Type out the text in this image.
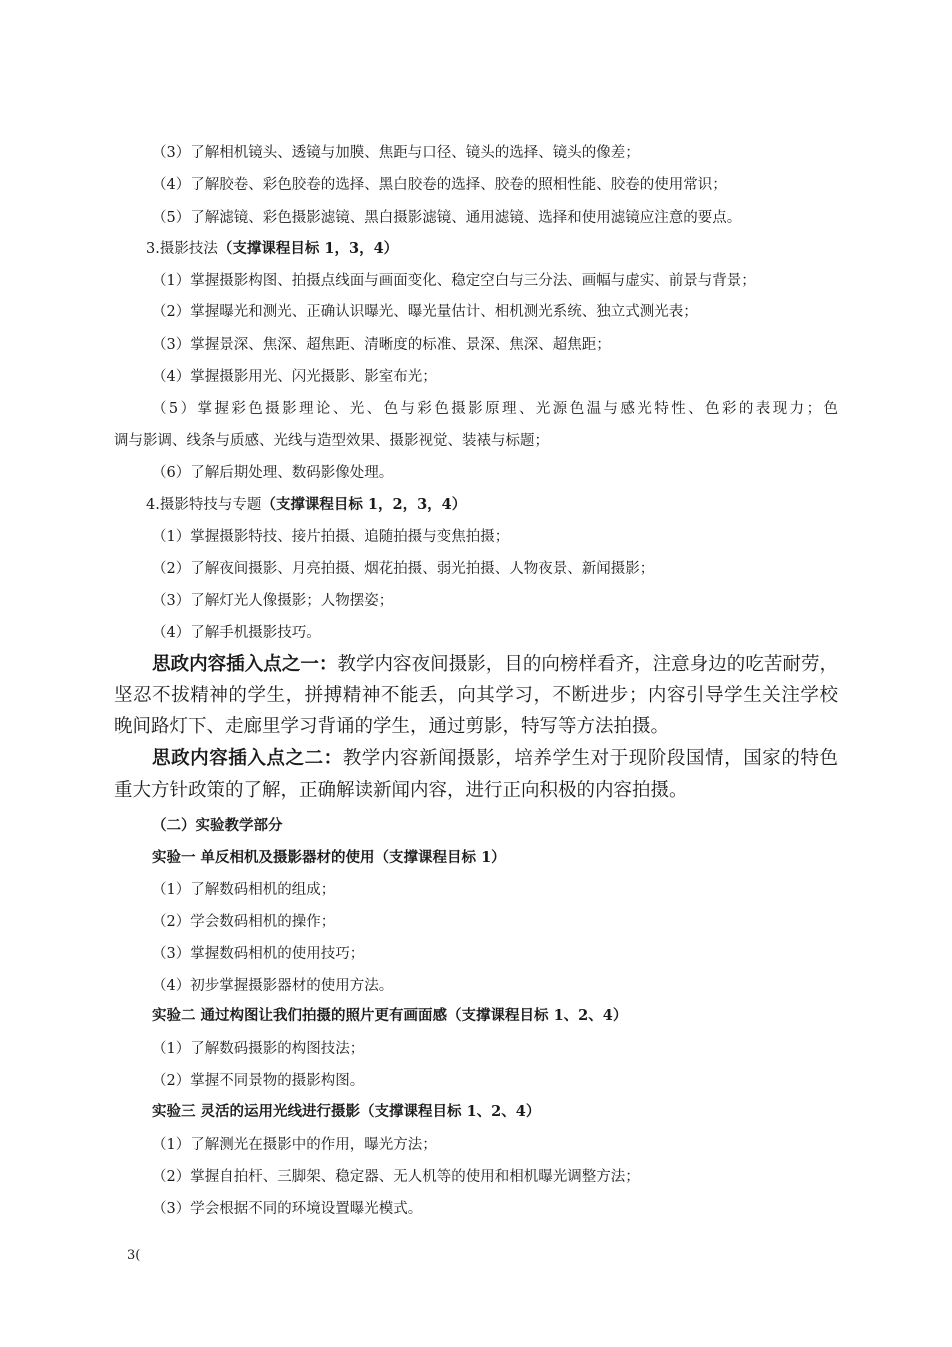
（3）了解相机镜头、透镜与加膜、焦距与口径、镜头的选择、镜头的像差；
（4）了解胶卷、彩色胶卷的选择、黑白胶卷的选择、胶卷的照相性能、胶卷的使用常识；
（5）了解滤镜、彩色摄影滤镜、黑白摄影滤镜、通用滤镜、选择和使用滤镜应注意的要点。
3.摄影技法（支撑课程目标 1，3，4）
（1）掌握摄影构图、拍摄点线面与画面变化、稳定空白与三分法、画幅与虚实、前景与背景；
（2）掌握曝光和测光、正确认识曝光、曝光量估计、相机测光系统、独立式测光表；
（3）掌握景深、焦深、超焦距、清晰度的标准、景深、焦深、超焦距；
（4）掌握摄影用光、闪光摄影、影室布光；
（5）掌握彩色摄影理论、光、色与彩色摄影原理、光源色温与感光特性、色彩的表现力；色
调与影调、线条与质感、光线与造型效果、摄影视觉、装裱与标题；
（6）了解后期处理、数码影像处理。
4.摄影特技与专题（支撑课程目标 1，2，3，4）
（1）掌握摄影特技、接片拍摄、追随拍摄与变焦拍摄；
（2）了解夜间摄影、月亮拍摄、烟花拍摄、弱光拍摄、人物夜景、新闻摄影；
（3）了解灯光人像摄影；人物摆姿；
（4）了解手机摄影技巧。
思政内容插入点之一：教学内容夜间摄影，目的向榜样看齐，注意身边的吃苦耐劳，
坚忍不拔精神的学生，拼搏精神不能丢，向其学习，不断进步；内容引导学生关注学校
晚间路灯下、走廊里学习背诵的学生，通过剪影，特写等方法拍摄。
思政内容插入点之二：教学内容新闻摄影，培养学生对于现阶段国情，国家的特色
重大方针政策的了解，正确解读新闻内容，进行正向积极的内容拍摄。
（二）实验教学部分
实验一 单反相机及摄影器材的使用（支撑课程目标 1）
（1）了解数码相机的组成；
（2）学会数码相机的操作；
（3）掌握数码相机的使用技巧；
（4）初步掌握摄影器材的使用方法。
实验二 通过构图让我们拍摄的照片更有画面感（支撑课程目标 1、2、4）
（1）了解数码摄影的构图技法；
（2）掌握不同景物的摄影构图。
实验三 灵活的运用光线进行摄影（支撑课程目标 1、2、4）
（1）了解测光在摄影中的作用，曝光方法；
（2）掌握自拍杆、三脚架、稳定器、无人机等的使用和相机曝光调整方法；
（3）学会根据不同的环境设置曝光模式。
3(
